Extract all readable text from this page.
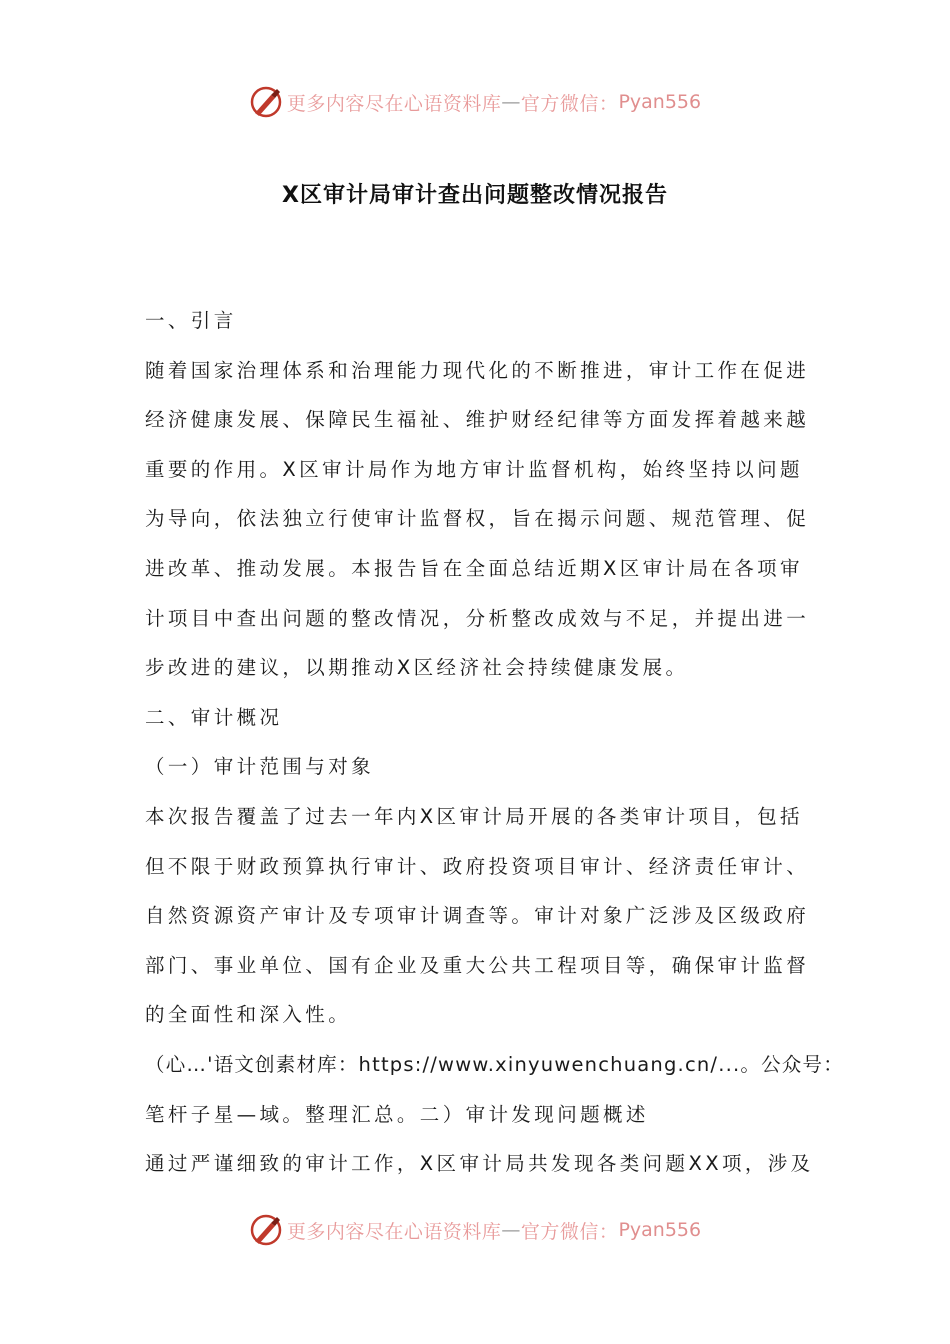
更多内容尽在心语资料库 — 官方微信： Pyan556
X区审计局审计查出问题整改情况报告
一、引言
随着国家治理体系和治理能力现代化的不断推进，审计工作在促进
经济健康发展、保障民生福祉、维护财经纪律等方面发挥着越来越
重要的作用。X区审计局作为地方审计监督机构，始终坚持以问题
为导向，依法独立行使审计监督权，旨在揭示问题、规范管理、促
进改革、推动发展。本报告旨在全面总结近期X区审计局在各项审
计项目中查出问题的整改情况，分析整改成效与不足，并提出进一
步改进的建议，以期推动X区经济社会持续健康发展。
二、审计概况
（一）审计范围与对象
本次报告覆盖了过去一年内X区审计局开展的各类审计项目，包括
但不限于财政预算执行审计、政府投资项目审计、经济责任审计、
自然资源资产审计及专项审计调查等。审计对象广泛涉及区级政府
部门、事业单位、国有企业及重大公共工程项目等，确保审计监督
的全面性和深入性。
（心…'语文创素材库：https://www.xinyuwenchuang.cn/...。公众号：
笔杆子星—域。整理汇总。二）审计发现问题概述
通过严谨细致的审计工作，X区审计局共发现各类问题XX项，涉及
更多内容尽在心语资料库 — 官方微信： Pyan556
